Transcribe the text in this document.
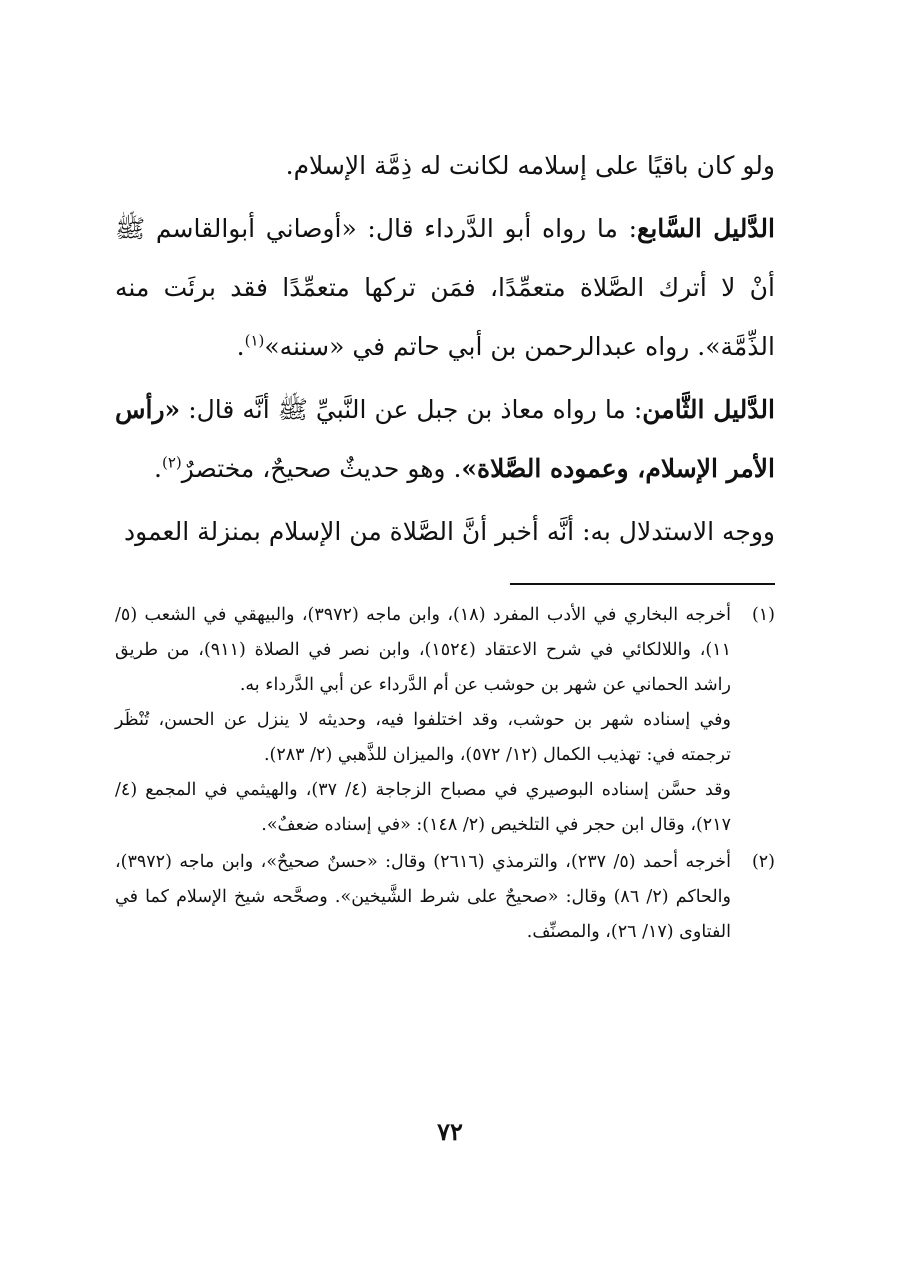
ولو كان باقيًا على إسلامه لكانت له ذِمَّة الإسلام.

الدَّليل السَّابع: ما رواه أبو الدَّرداء قال: «أوصاني أبوالقاسم ﷺ أنْ لا أترك الصَّلاة متعمِّدًا، فمَن تركها متعمِّدًا فقد برئَت منه الذِّمَّة». رواه عبدالرحمن بن أبي حاتم في «سننه»$^{(١)}$.

الدَّليل الثَّامن: ما رواه معاذ بن جبل عن النَّبيِّ ﷺ أنَّه قال: «رأس الأمر الإسلام، وعموده الصَّلاة». وهو حديثٌ صحيحٌ، مختصرٌ$^{(٢)}$.

ووجه الاستدلال به: أنَّه أخبر أنَّ الصَّلاة من الإسلام بمنزلة العمود

(١)

أخرجه البخاري في الأدب المفرد (١٨)، وابن ماجه (٣٩٧٢)، والبيهقي في الشعب (٥/ ١١)، واللالكائي في شرح الاعتقاد (١٥٢٤)، وابن نصر في الصلاة (٩١١)، من طريق راشد الحماني عن شهر بن حوشب عن أم الدَّرداء عن أبي الدَّرداء به.

وفي إسناده شهر بن حوشب، وقد اختلفوا فيه، وحديثه لا ينزل عن الحسن، تُنْظَر ترجمته في: تهذيب الكمال (١٢/ ٥٧٢)، والميزان للذَّهبي (٢/ ٢٨٣).

وقد حسَّن إسناده البوصيري في مصباح الزجاجة (٤/ ٣٧)، والهيثمي في المجمع (٤/ ٢١٧)، وقال ابن حجر في التلخيص (٢/ ١٤٨): «في إسناده ضعفٌ».

(٢)

أخرجه أحمد (٥/ ٢٣٧)، والترمذي (٢٦١٦) وقال: «حسنٌ صحيحٌ»، وابن ماجه (٣٩٧٢)، والحاكم (٢/ ٨٦) وقال: «صحيحٌ على شرط الشَّيخين». وصحَّحه شيخ الإسلام كما في الفتاوى (١٧/ ٢٦)، والمصنِّف.

٧٢
